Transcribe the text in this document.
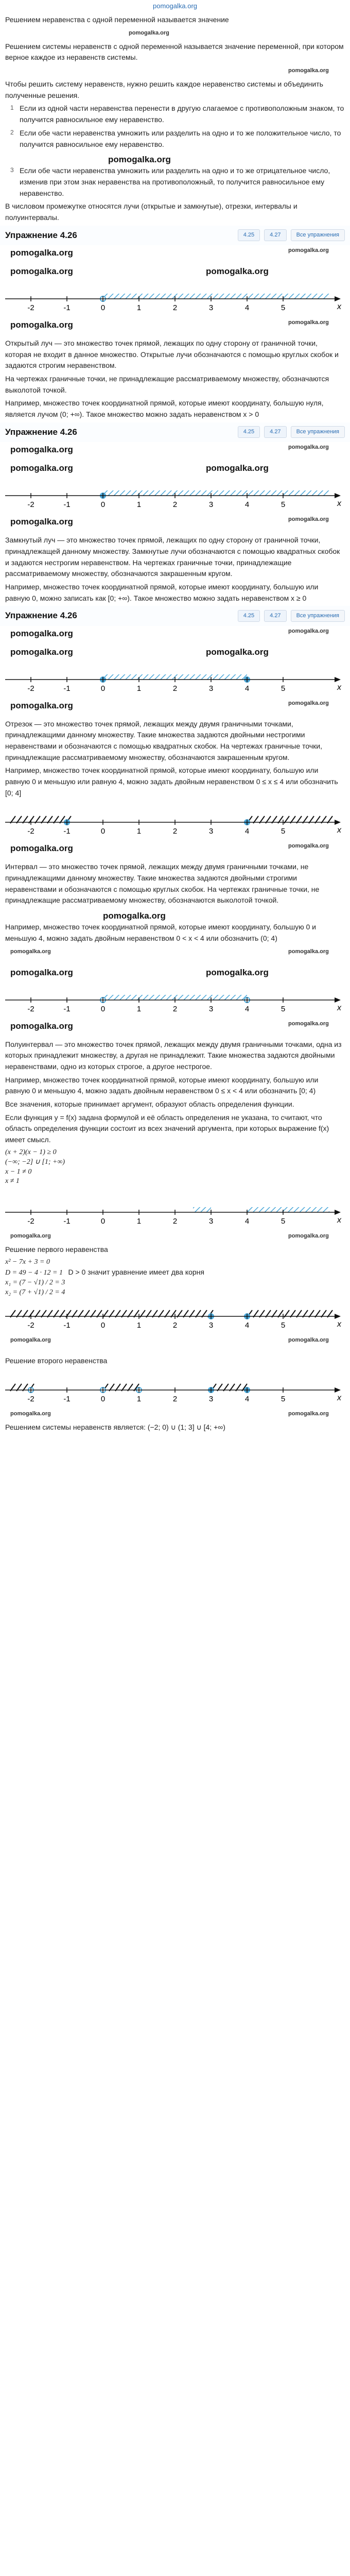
pomogalka.org

Решением неравенства с одной переменной называется значение

pomogalka.org

Решением системы неравенств с одной переменной называется значение переменной, при котором верное каждое из неравенств системы.

pomogalka.org

Чтобы решить систему неравенств, нужно решить каждое неравенство системы и объединить полученные решения.

1 Если из одной части неравенства перенести в другую слагаемое с противоположным знаком, то получится равносильное ему неравенство.

2 Если обе части неравенства умножить или разделить на одно и то же положительное число, то получится равносильное ему неравенство.

pomogalka.org

3 Если обе части неравенства умножить или разделить на одно и то же отрицательное число, изменив при этом знак неравенства на противоположный, то получится равносильное ему неравенство.

В числовом промежутке относятся лучи (открытые и замкнутые), отрезки, интервалы и полуинтервалы.

Упражнение 4.26	4.25	4.27	Все упражнения
pomogalka.org	pomogalka.org
pomogalka.org	pomogalka.org
x
-2	-1	0	1	2	3	4	5
pomogalka.org	pomogalka.org

Открытый луч — это множество точек прямой, лежащих по одну сторону от граничной точки, которая не входит в данное множество. Открытые лучи обозначаются с помощью круглых скобок и задаются строгим неравенством.

На чертежах граничные точки, не принадлежащие рассматриваемому множеству, обозначаются выколотой точкой.

Например, множество точек координатной прямой, которые имеют координату, большую нуля, является лучом (0; +∞). Такое множество можно задать неравенством x > 0

Упражнение 4.26	4.25	4.27	Все упражнения
pomogalka.org	pomogalka.org
pomogalka.org	pomogalka.org
x
-2	-1	0	1	2	3	4	5
pomogalka.org	pomogalka.org

Замкнутый луч — это множество точек прямой, лежащих по одну сторону от граничной точки, принадлежащей данному множеству. Замкнутые лучи обозначаются с помощью квадратных скобок и задаются нестрогим неравенством. На чертежах граничные точки, принадлежащие рассматриваемому множеству, обозначаются закрашенным кругом.

Например, множество точек координатной прямой, которые имеют координату, большую или равную 0, можно записать как [0; +∞). Такое множество можно задать неравенством x ≥ 0

Упражнение 4.26	4.25	4.27	Все упражнения
pomogalka.org	pomogalka.org
pomogalka.org	pomogalka.org
x
-2	-1	0	1	2	3	4	5
pomogalka.org	pomogalka.org

Отрезок — это множество точек прямой, лежащих между двумя граничными точками, принадлежащими данному множеству. Такие множества задаются двойными нестрогими неравенствами и обозначаются с помощью квадратных скобок. На чертежах граничные точки, принадлежащие рассматриваемому множеству, обозначаются закрашенным кругом.

Например, множество точек координатной прямой, которые имеют координату, большую или равную 0 и меньшую или равную 4, можно задать двойным неравенством 0 ≤ x ≤ 4 или обозначить [0; 4]

x
-2	-1	0	1	2	3	4	5
pomogalka.org	pomogalka.org

Интервал — это множество точек прямой, лежащих между двумя граничными точками, не принадлежащими данному множеству. Такие множества задаются двойными строгими неравенствами и обозначаются с помощью круглых скобок. На чертежах граничные точки, не принадлежащие рассматриваемому множеству, обозначаются выколотой точкой.

pomogalka.org

Например, множество точек координатной прямой, которые имеют координату, большую 0 и меньшую 4, можно задать двойным неравенством 0 < x < 4 или обозначить (0; 4)

pomogalka.org	pomogalka.org
pomogalka.org	pomogalka.org
x
-2	-1	0	1	2	3	4	5
pomogalka.org	pomogalka.org

Полуинтервал — это множество точек прямой, лежащих между двумя граничными точками, одна из которых принадлежит множеству, а другая не принадлежит. Такие множества задаются двойными неравенствами, одно из которых строгое, а другое нестрогое.

Например, множество точек координатной прямой, которые имеют координату, большую или равную 0 и меньшую 4, можно задать двойным неравенством 0 ≤ x < 4 или обозначить [0; 4)

Все значения, которые принимает аргумент, образуют область определения функции.

Если функция y = f(x) задана формулой и её область определения не указана, то считают, что область определения функции состоит из всех значений аргумента, при которых выражение f(x) имеет смысл.

(x + 2)(x − 1) ≥ 0
(−∞; −2] ∪ [1; +∞)
x − 1 ≠ 0
x ≠ 1
x
-2	-1	0	1	2	3	4	5
pomogalka.org	pomogalka.org

Решение первого неравенства

x² − 7x + 3 = 0
D = 49 − 4 · 12 = 1 D > 0 значит уравнение имеет два корня
x₁ = (7 − √1) / 2 = 3
x₂ = (7 + √1) / 2 = 4
x
-2	-1	0	1	2	3	4	5
pomogalka.org	pomogalka.org

Решение второго неравенства

x
-2	-1	0	1	2	3	4	5
pomogalka.org	pomogalka.org

Решением системы неравенств является: (−2; 0) ∪ (1; 3] ∪ [4; +∞)
